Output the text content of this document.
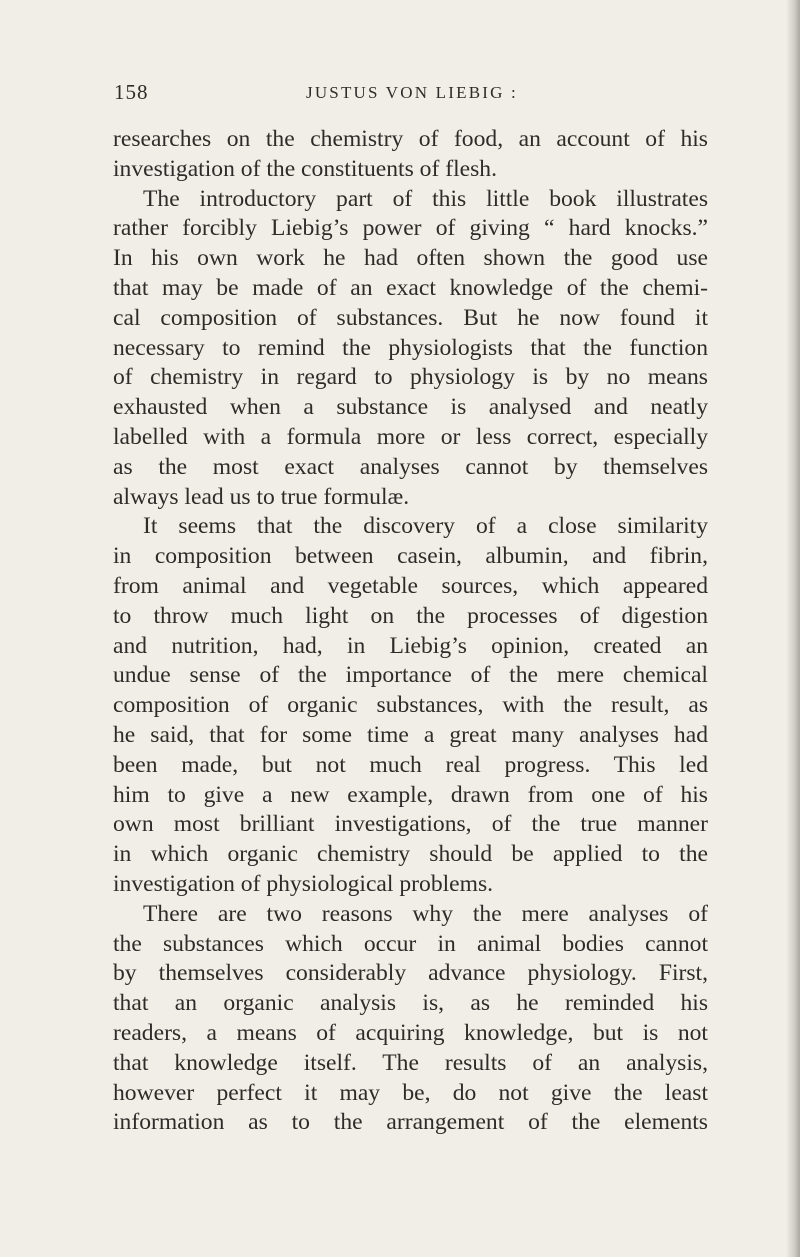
158	JUSTUS VON LIEBIG :
researches on the chemistry of food, an account of his
investigation of the constituents of flesh.
The introductory part of this little book illustrates
rather forcibly Liebig’s power of giving “ hard knocks.”
In his own work he had often shown the good use
that may be made of an exact knowledge of the chemi-
cal composition of substances. But he now found it
necessary to remind the physiologists that the function
of chemistry in regard to physiology is by no means
exhausted when a substance is analysed and neatly
labelled with a formula more or less correct, especially
as the most exact analyses cannot by themselves
always lead us to true formulæ.
It seems that the discovery of a close similarity
in composition between casein, albumin, and fibrin,
from animal and vegetable sources, which appeared
to throw much light on the processes of digestion
and nutrition, had, in Liebig’s opinion, created an
undue sense of the importance of the mere chemical
composition of organic substances, with the result, as
he said, that for some time a great many analyses had
been made, but not much real progress. This led
him to give a new example, drawn from one of his
own most brilliant investigations, of the true manner
in which organic chemistry should be applied to the
investigation of physiological problems.
There are two reasons why the mere analyses of
the substances which occur in animal bodies cannot
by themselves considerably advance physiology. First,
that an organic analysis is, as he reminded his
readers, a means of acquiring knowledge, but is not
that knowledge itself. The results of an analysis,
however perfect it may be, do not give the least
information as to the arrangement of the elements
